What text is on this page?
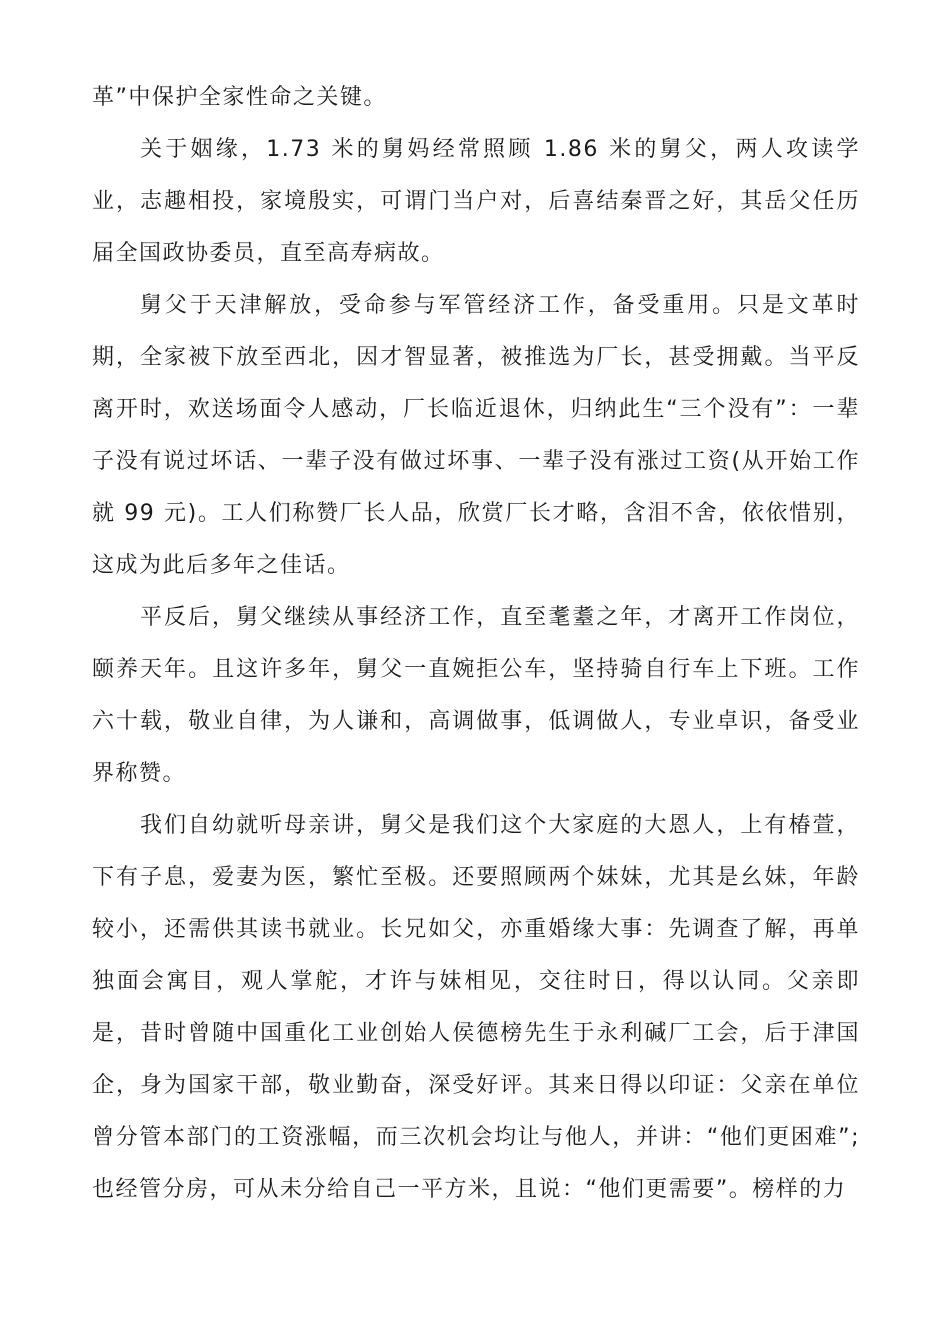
革”中保护全家性命之关键。

关于姻缘，1.73 米的舅妈经常照顾 1.86 米的舅父，两人攻读学业，志趣相投，家境殷实，可谓门当户对，后喜结秦晋之好，其岳父任历届全国政协委员，直至高寿病故。

舅父于天津解放，受命参与军管经济工作，备受重用。只是文革时期，全家被下放至西北，因才智显著，被推选为厂长，甚受拥戴。当平反离开时，欢送场面令人感动，厂长临近退休，归纳此生“三个没有”：一辈子没有说过坏话、一辈子没有做过坏事、一辈子没有涨过工资(从开始工作就 99 元)。工人们称赞厂长人品，欣赏厂长才略，含泪不舍，依依惜别，这成为此后多年之佳话。

平反后，舅父继续从事经济工作，直至耄耋之年，才离开工作岗位，颐养天年。且这许多年，舅父一直婉拒公车，坚持骑自行车上下班。工作六十载，敬业自律，为人谦和，高调做事，低调做人，专业卓识，备受业界称赞。

我们自幼就听母亲讲，舅父是我们这个大家庭的大恩人，上有椿萱，下有子息，爱妻为医，繁忙至极。还要照顾两个妹妹，尤其是幺妹，年龄较小，还需供其读书就业。长兄如父，亦重婚缘大事：先调查了解，再单独面会寓目，观人掌舵，才许与妹相见，交往时日，得以认同。父亲即是，昔时曾随中国重化工业创始人侯德榜先生于永利碱厂工会，后于津国企，身为国家干部，敬业勤奋，深受好评。其来日得以印证：父亲在单位曾分管本部门的工资涨幅，而三次机会均让与他人，并讲：“他们更困难”;也经管分房，可从未分给自己一平方米，且说：“他们更需要”。榜样的力
